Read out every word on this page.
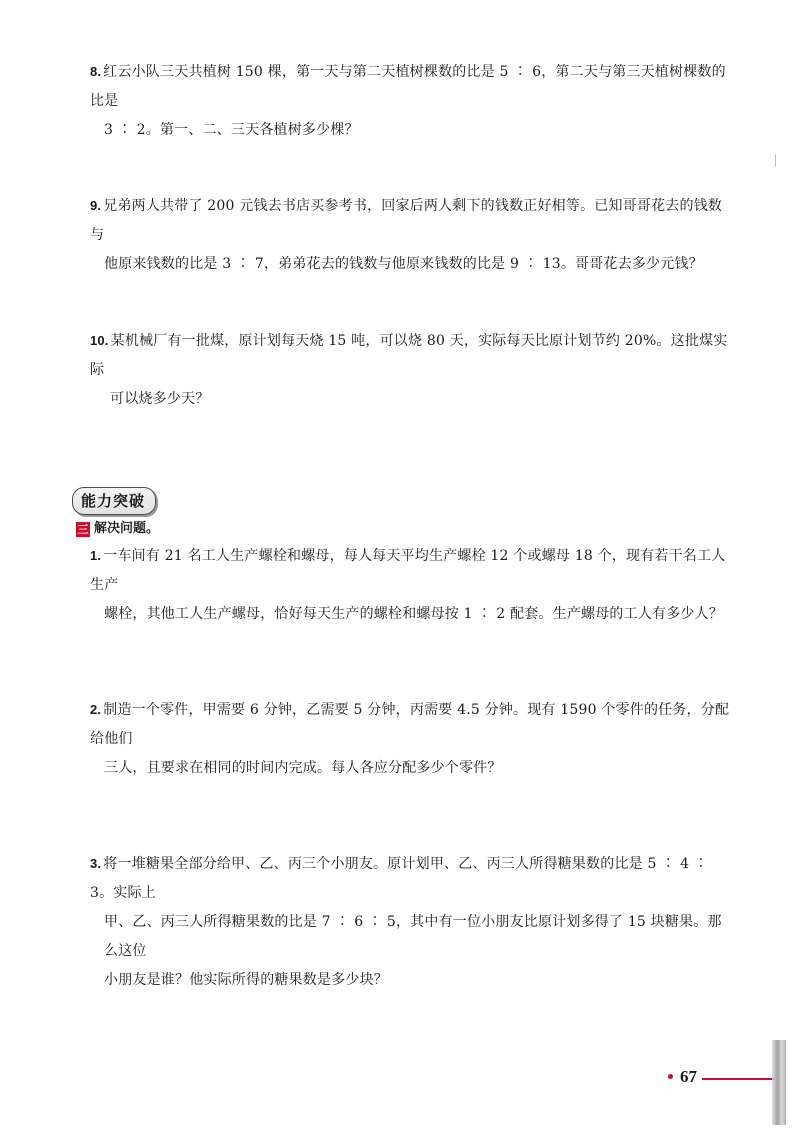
8. 红云小队三天共植树 150 棵，第一天与第二天植树棵数的比是 5 ∶ 6，第二天与第三天植树棵数的比是
3 ∶ 2。第一、二、三天各植树多少棵？
9. 兄弟两人共带了 200 元钱去书店买参考书，回家后两人剩下的钱数正好相等。已知哥哥花去的钱数与
他原来钱数的比是 3 ∶ 7，弟弟花去的钱数与他原来钱数的比是 9 ∶ 13。哥哥花去多少元钱？
10. 某机械厂有一批煤，原计划每天烧 15 吨，可以烧 80 天，实际每天比原计划节约 20%。这批煤实际
可以烧多少天？
能力突破
三 解决问题。
1. 一车间有 21 名工人生产螺栓和螺母，每人每天平均生产螺栓 12 个或螺母 18 个，现有若干名工人生产
螺栓，其他工人生产螺母，恰好每天生产的螺栓和螺母按 1 ∶ 2 配套。生产螺母的工人有多少人？
2. 制造一个零件，甲需要 6 分钟，乙需要 5 分钟，丙需要 4.5 分钟。现有 1590 个零件的任务，分配给他们
三人，且要求在相同的时间内完成。每人各应分配多少个零件？
3. 将一堆糖果全部分给甲、乙、丙三个小朋友。原计划甲、乙、丙三人所得糖果数的比是 5 ∶ 4 ∶ 3。实际上
甲、乙、丙三人所得糖果数的比是 7 ∶ 6 ∶ 5，其中有一位小朋友比原计划多得了 15 块糖果。那么这位
小朋友是谁？他实际所得的糖果数是多少块？
67
